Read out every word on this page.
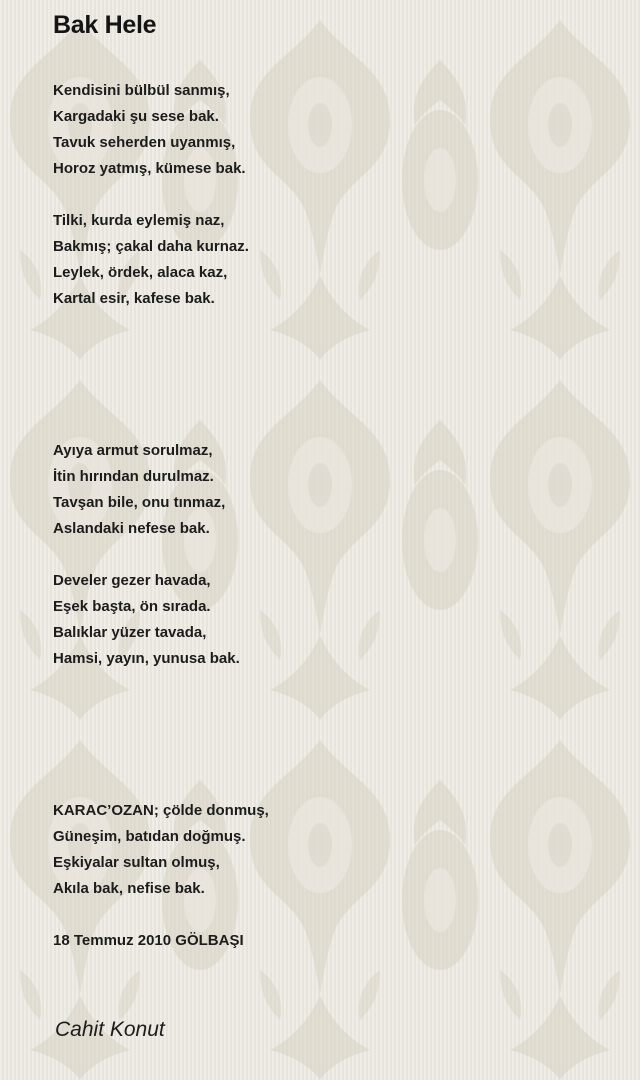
Bak Hele
Kendisini bülbül sanmış,
Kargadaki şu sese bak.
Tavuk seherden uyanmış,
Horoz yatmış, kümese bak.
Tilki, kurda eylemiş naz,
Bakmış; çakal daha kurnaz.
Leylek, ördek, alaca kaz,
Kartal esir, kafese bak.
Ayıya armut sorulmaz,
İtin hırından durulmaz.
Tavşan bile, onu tınmaz,
Aslandaki nefese bak.
Develer gezer havada,
Eşek başta, ön sırada.
Balıklar yüzer tavada,
Hamsi, yayın, yunusa bak.
KARAC’OZAN; çölde donmuş,
Güneşim, batıdan doğmuş.
Eşkiyalar sultan olmuş,
Akıla bak, nefise bak.
18 Temmuz 2010 GÖLBAŞI
Cahit Konut
